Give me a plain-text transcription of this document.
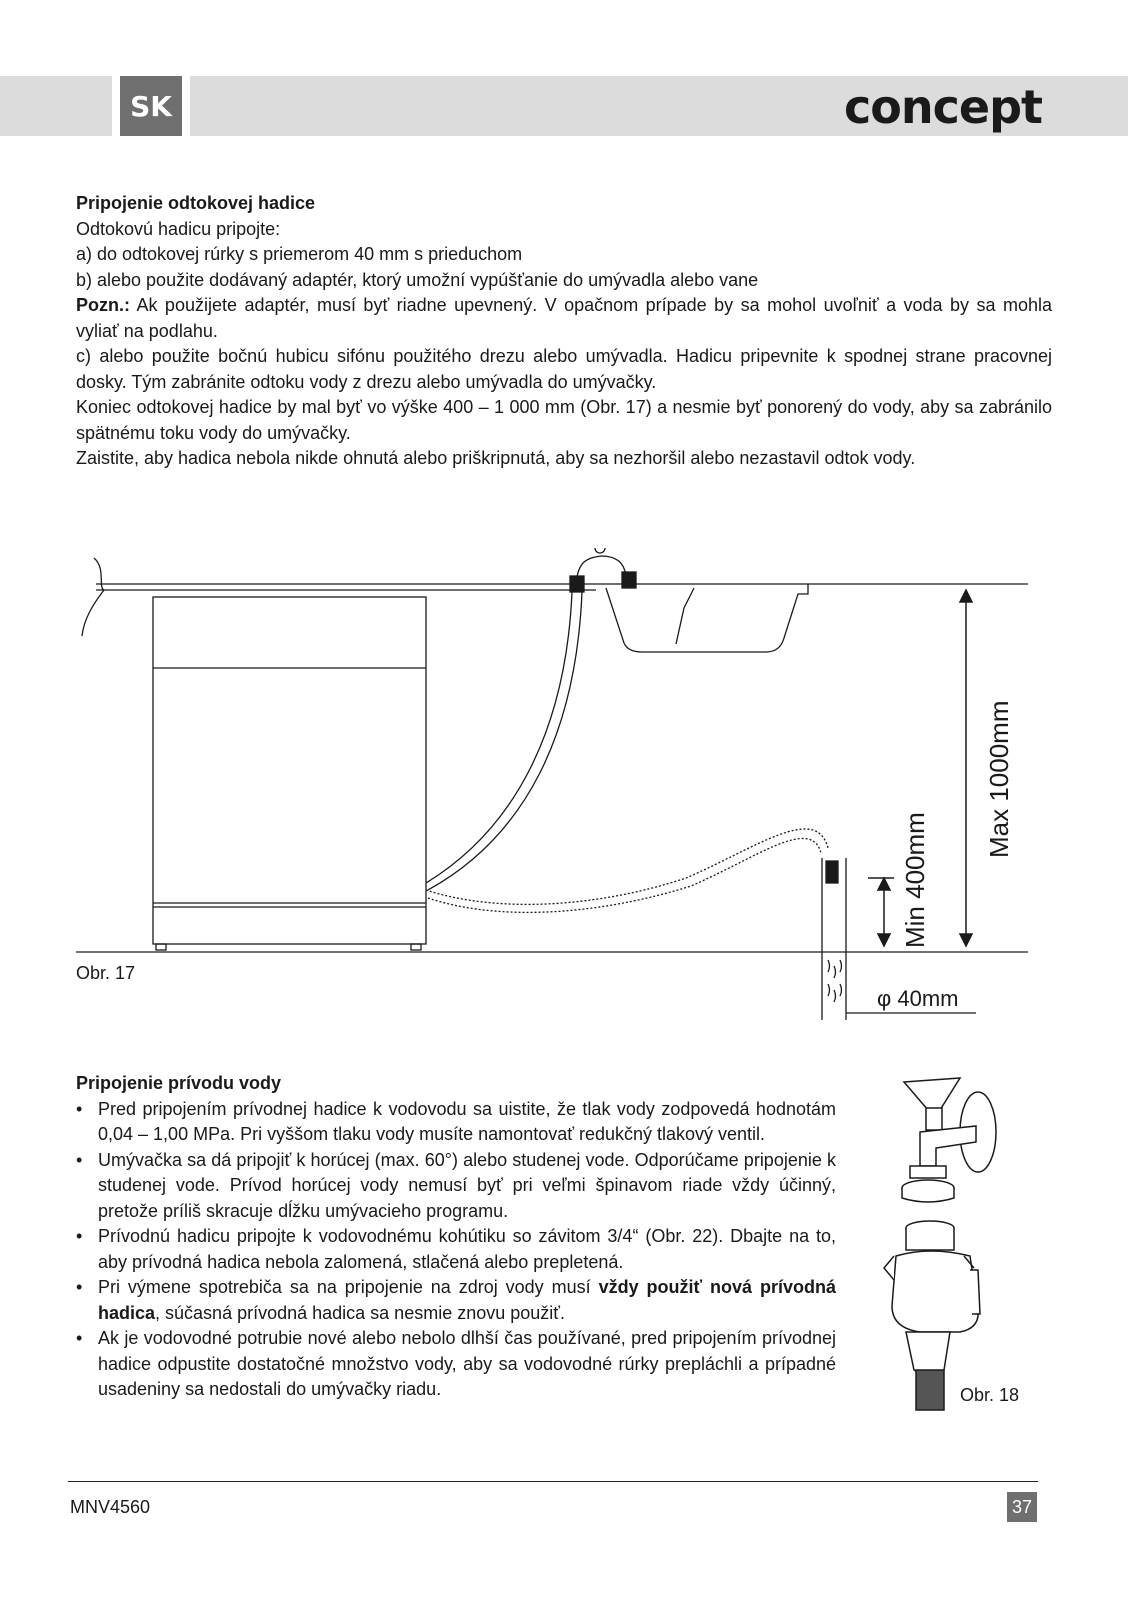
SK	concept
Pripojenie odtokovej hadice

Odtokovú hadicu pripojte:

a) do odtokovej rúrky s priemerom 40 mm s prieduchom

b) alebo použite dodávaný adaptér, ktorý umožní vypúšťanie do umývadla alebo vane

Pozn.: Ak použijete adaptér, musí byť riadne upevnený. V opačnom prípade by sa mohol uvoľniť a voda by sa mohla vyliať na podlahu.

c) alebo použite bočnú hubicu sifónu použitého drezu alebo umývadla. Hadicu pripevnite k spodnej strane pracovnej dosky. Tým zabránite odtoku vody z drezu alebo umývadla do umývačky.

Koniec odtokovej hadice by mal byť vo výške 400 – 1 000 mm (Obr. 17) a nesmie byť ponorený do vody, aby sa zabránilo spätnému toku vody do umývačky.

Zaistite, aby hadica nebola nikde ohnutá alebo priškripnutá, aby sa nezhoršil alebo nezastavil odtok vody.

Max 1000mm
Min 400mm
φ 40mm
Obr. 17
Pripojenie prívodu vody
• Pred pripojením prívodnej hadice k vodovodu sa uistite, že tlak vody zodpovedá hodnotám 0,04 – 1,00 MPa. Pri vyššom tlaku vody musíte namontovať redukčný tlakový ventil.
• Umývačka sa dá pripojiť k horúcej (max. 60°) alebo studenej vode. Odporúčame pripojenie k studenej vode. Prívod horúcej vody nemusí byť pri veľmi špinavom riade vždy účinný, pretože príliš skracuje dĺžku umývacieho programu.
• Prívodnú hadicu pripojte k vodovodnému kohútiku so závitom 3/4“ (Obr. 22). Dbajte na to, aby prívodná hadica nebola zalomená, stlačená alebo prepletená.
• Pri výmene spotrebiča sa na pripojenie na zdroj vody musí vždy použiť nová prívodná hadica, súčasná prívodná hadica sa nesmie znovu použiť.
• Ak je vodovodné potrubie nové alebo nebolo dlhší čas používané, pred pripojením prívodnej hadice odpustite dostatočné množstvo vody, aby sa vodovodné rúrky prepláchli a prípadné usadeniny sa nedostali do umývačky riadu.	Obr. 18
MNV4560	37
